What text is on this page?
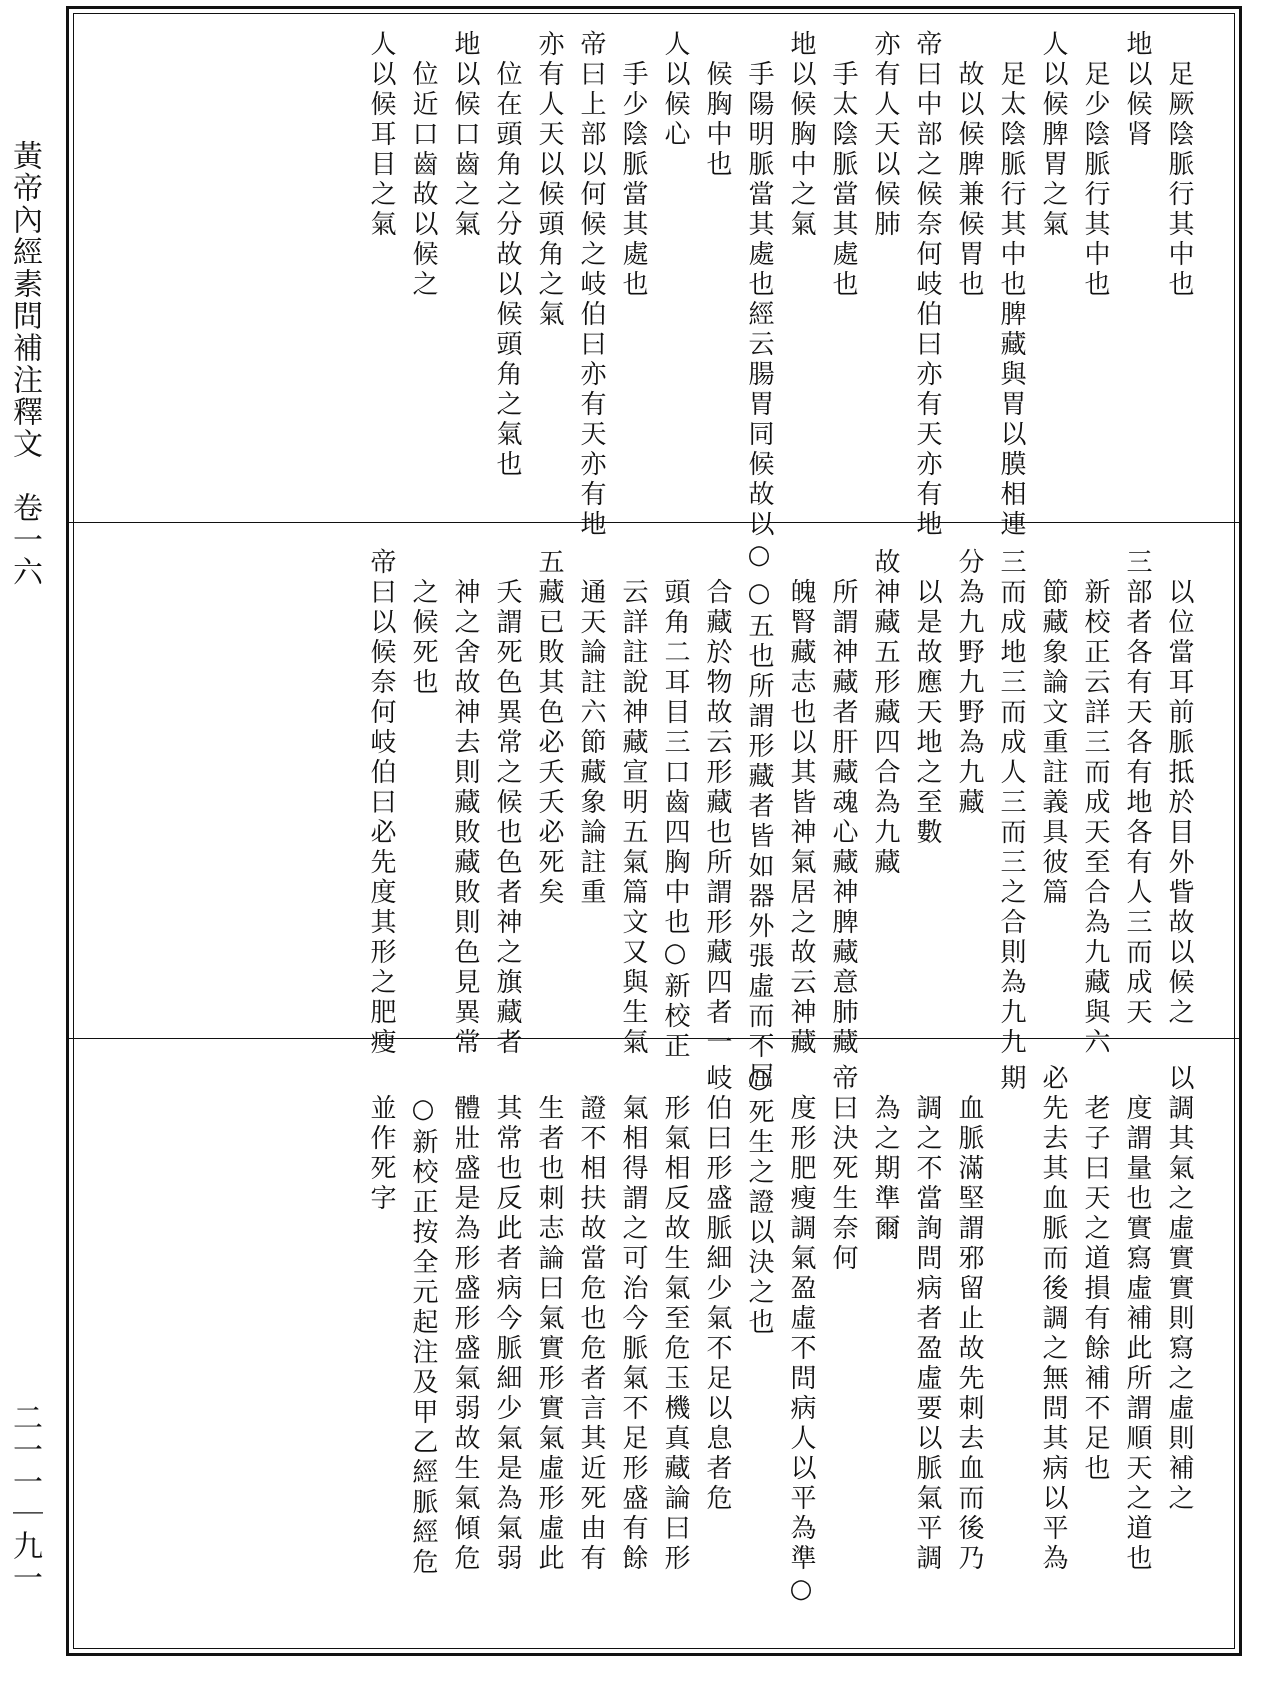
黃帝內經素問補注釋文　卷一六
二一一｜九一
　足厥陰脈行其中也
地以候肾
　足少陰脈行其中也
人以候脾胃之氣
　足太陰脈行其中也脾藏與胃以膜相連
　故以候脾兼候胃也
帝曰中部之候奈何岐伯曰亦有天亦有地
亦有人天以候肺
　手太陰脈當其處也
地以候胸中之氣
　手陽明脈當其處也經云腸胃同候故以○
　候胸中也
人以候心
　手少陰脈當其處也
帝曰上部以何候之岐伯曰亦有天亦有地
亦有人天以候頭角之氣
　位在頭角之分故以候頭角之氣也
地以候口齒之氣
　位近口齒故以候之
人以候耳目之氣
　以位當耳前脈抵於目外眥故以候之
三部者各有天各有地各有人三而成天
　新校正云詳三而成天至合為九藏與六
　節藏象論文重註義具彼篇
三而成地三而成人三而三之合則為九九
分為九野九野為九藏
　以是故應天地之至數
故神藏五形藏四合為九藏
　所謂神藏者肝藏魂心藏神脾藏意肺藏
　魄腎藏志也以其皆神氣居之故云神藏
　○五也所謂形藏者皆如器外張虛而不屈
　合藏於物故云形藏也所謂形藏四者一
　頭角二耳目三口齒四胸中也○新校正
　云詳註說神藏宣明五氣篇文又與生氣
　通天論註六節藏象論註重
五藏已敗其色必夭夭必死矣
　夭謂死色異常之候也色者神之旗藏者
　神之舍故神去則藏敗藏敗則色見異常
　之候死也
帝曰以候奈何岐伯曰必先度其形之肥瘦
以調其氣之虛實實則寫之虛則補之
　度謂量也實寫虛補此所謂順天之道也
　老子曰天之道損有餘補不足也
必先去其血脈而後調之無問其病以平為
期
　血脈滿堅謂邪留止故先刺去血而後乃
　調之不當詢問病者盈虛要以脈氣平調
　為之期準爾
帝曰決死生奈何
　度形肥瘦調氣盈虛不問病人以平為準○
○死生之證以決之也
岐伯曰形盛脈細少氣不足以息者危
　形氣相反故生氣至危玉機真藏論曰形
　氣相得謂之可治今脈氣不足形盛有餘
　證不相扶故當危也危者言其近死由有
　生者也刺志論曰氣實形實氣虛形虛此
　其常也反此者病今脈細少氣是為氣弱
　體壯盛是為形盛形盛氣弱故生氣傾危
　○新校正按全元起注及甲乙經脈經危
　並作死字
